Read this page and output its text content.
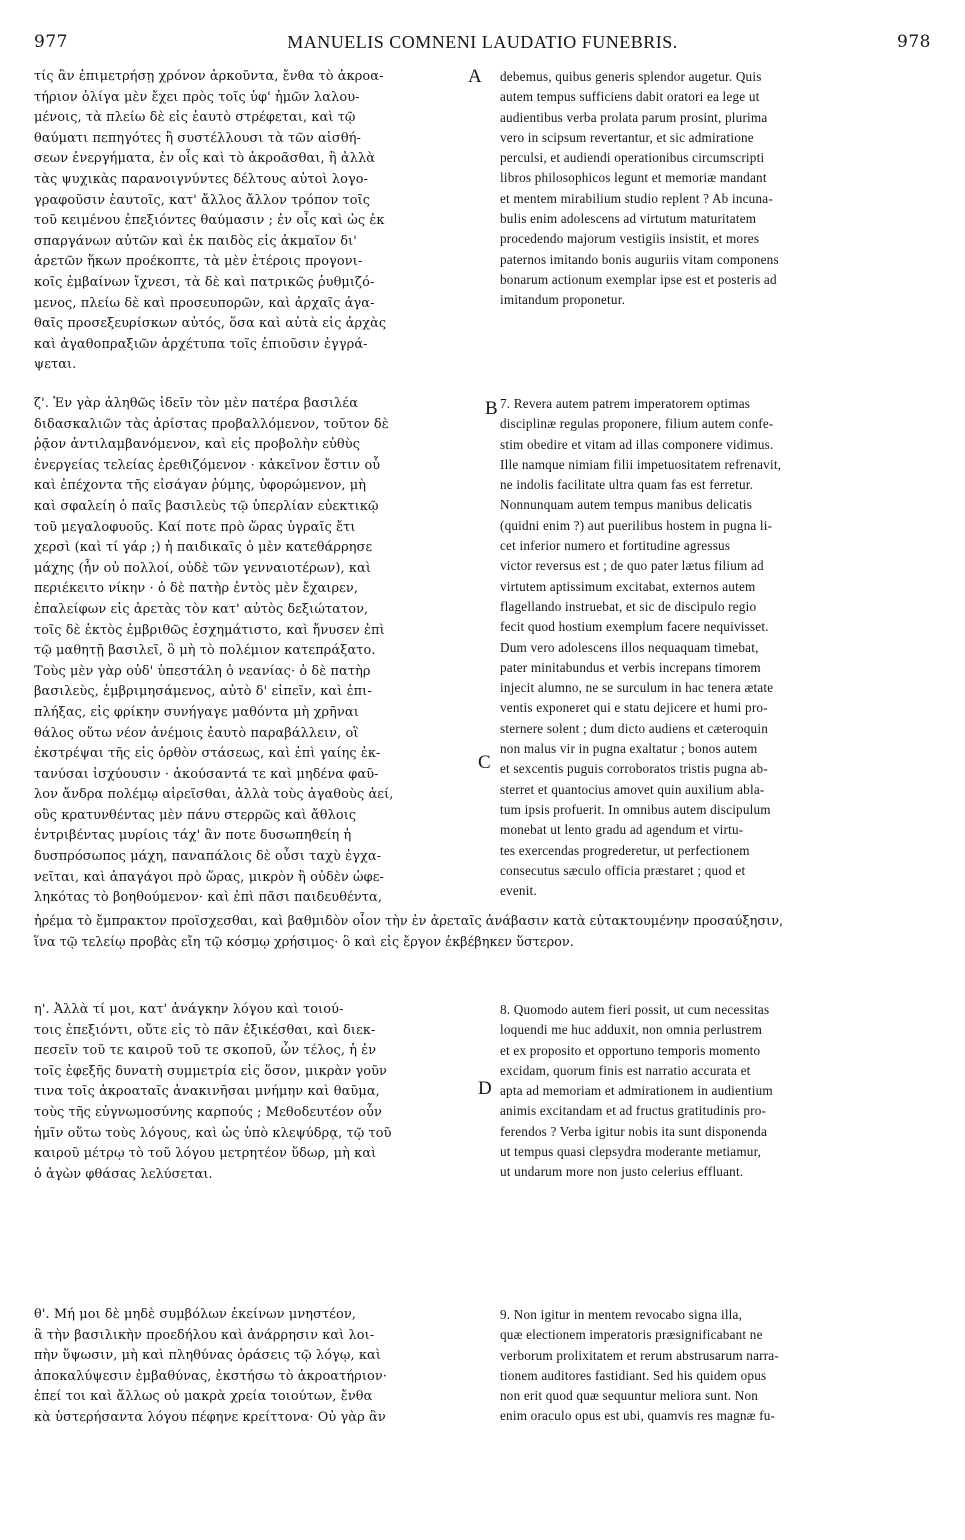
977	MANUELIS COMNENI LAUDATIO FUNEBRIS.	978
τίς ἂν ἐπιμετρήσῃ χρόνον ἀρκοῦντα, ἔνθα τὸ ἀκροα-
τήριον ὀλίγα μὲν ἔχει πρὸς τοῖς ὑφ' ἡμῶν λαλου-
μένοις, τὰ πλείω δὲ εἰς ἑαυτὸ στρέφεται, καὶ τῷ
θαύματι πεπηγότες ἢ συστέλλουσι τὰ τῶν αἰσθή-
σεων ἐνεργήματα, ἐν οἷς καὶ τὸ ἀκροᾶσθαι, ἢ ἀλλὰ
τὰς ψυχικὰς παρανοιγνύντες δέλτους αὐτοὶ λογο-
γραφοῦσιν ἑαυτοῖς, κατ' ἄλλος ἄλλον τρόπον τοῖς
τοῦ κειμένου ἐπεξιόντες θαύμασιν ; ἐν οἷς καὶ ὡς ἐκ
σπαργάνων αὐτῶν καὶ ἐκ παιδὸς εἰς ἀκμαῖον δι'
ἀρετῶν ἥκων προέκοπτε, τὰ μὲν ἑτέροις προγονι-
κοῖς ἐμβαίνων ἴχνεσι, τὰ δὲ καὶ πατρικῶς ῥυθμιζό-
μενος, πλείω δὲ καὶ προσευπορῶν, καὶ ἀρχαῖς ἀγα-
θαῖς προσεξευρίσκων αὐτός, ὅσα καὶ αὐτὰ εἰς ἀρχὰς
καὶ ἀγαθοπραξιῶν ἀρχέτυπα τοῖς ἐπιοῦσιν ἐγγρά-
ψεται.
debemus, quibus generis splendor augetur. Quis
autem tempus sufficiens dabit oratori ea lege ut
audientibus verba prolata parum prosint, plurima
vero in scipsum revertantur, et sic admiratione
perculsi, et audiendi operationibus circumscripti
libros philosophicos legunt et memoriæ mandant
et mentem mirabilium studio replent ? Ab incuna-
bulis enim adolescens ad virtutum maturitatem
procedendo majorum vestigiis insistit, et mores
paternos imitando bonis auguriis vitam componens
bonarum actionum exemplar ipse est et posteris ad
imitandum proponetur.
A
ζ'. Ἐν γὰρ ἀληθῶς ἰδεῖν τὸν μὲν πατέρα βασιλέα
διδασκαλιῶν τὰς ἀρίστας προβαλλόμενον, τοῦτον δὲ
ῥᾷον ἀντιλαμβανόμενον, καὶ εἰς προβολὴν εὐθὺς
ἐνεργείας τελείας ἐρεθιζόμενον · κἀκεῖνον ἔστιν οὗ
καὶ ἐπέχοντα τῆς εἰσάγαν ῥύμης, ὑφορώμενον, μὴ
καὶ σφαλείη ὁ παῖς βασιλεὺς τῷ ὑπερλίαν εὐεκτικῷ
τοῦ μεγαλοφυοῦς. Καί ποτε πρὸ ὥρας ὑγραῖς ἔτι
χερσὶ (καὶ τί γάρ ;) ἡ παιδικαῖς ὁ μὲν κατεθάρρησε
μάχης (ἦν οὐ πολλοί, οὐδὲ τῶν γενναιοτέρων), καὶ
περιέκειτο νίκην · ὁ δὲ πατὴρ ἐντὸς μὲν ἔχαιρεν,
ἐπαλείφων εἰς ἀρετὰς τὸν κατ' αὐτὸς δεξιώτατον,
τοῖς δὲ ἐκτὸς ἐμβριθῶς ἐσχημάτιστο, καὶ ἤνυσεν ἐπὶ
τῷ μαθητῇ βασιλεῖ, ὃ μὴ τὸ πολέμιον κατεπράξατο.
Τοὺς μὲν γὰρ οὐδ' ὑπεστάλη ὁ νεανίας· ὁ δὲ πατὴρ
βασιλεὺς, ἐμβριμησάμενος, αὐτὸ δ' εἰπεῖν, καὶ ἐπι-
πλήξας, εἰς φρίκην συνήγαγε μαθόντα μὴ χρῆναι
θάλος οὕτω νέον ἀνέμοις ἑαυτὸ παραβάλλειν, οἳ
ἐκστρέψαι τῆς εἰς ὀρθὸν στάσεως, καὶ ἐπὶ γαίης ἐκ-
τανύσαι ἰσχύουσιν · ἀκούσαντά τε καὶ μηδένα φαῦ-
λον ἄνδρα πολέμῳ αἱρεῖσθαι, ἀλλὰ τοὺς ἀγαθοὺς ἀεί,
οὓς κρατυνθέντας μὲν πάνυ στερρῶς καὶ ἄθλοις
ἐντριβέντας μυρίοις τάχ' ἂν ποτε δυσωπηθείη ἡ
δυσπρόσωπος μάχη, παναπάλοις δὲ οὖσι ταχὺ ἐγχα-
νεῖται, καὶ ἀπαγάγοι πρὸ ὥρας, μικρὸν ἢ οὐδὲν ὠφε-
ληκότας τὸ βοηθούμενον· καὶ ἐπὶ πᾶσι παιδευθέντα,
7. Revera autem patrem imperatorem optimas
disciplinæ regulas proponere, filium autem confe-
stim obedire et vitam ad illas componere vidimus.
Ille namque nimiam filii impetuositatem refrenavit,
ne indolis facilitate ultra quam fas est ferretur.
Nonnunquam autem tempus manibus delicatis
(quidni enim ?) aut puerilibus hostem in pugna li-
cet inferior numero et fortitudine agressus
victor reversus est ; de quo pater lætus filium ad
virtutem aptissimum excitabat, externos autem
flagellando instruebat, et sic de discipulo regio
fecit quod hostium exemplum facere nequivisset.
Dum vero adolescens illos nequaquam timebat,
pater minitabundus et verbis increpans timorem
injecit alumno, ne se surculum in hac tenera ætate
ventis exponeret qui e statu dejicere et humi pro-
sternere solent ; dum dicto audiens et cæteroquin
non malus vir in pugna exaltatur ; bonos autem
et sexcentis puguis corroboratos tristis pugna ab-
sterret et quantocius amovet quin auxilium abla-
tum ipsis profuerit. In omnibus autem discipulum
monebat ut lento gradu ad agendum et virtu-
tes exercendas progrederetur, ut perfectionem
consecutus sæculo officia præstaret ; quod et
evenit.
B
C
ἠρέμα τὸ ἔμπρακτον προϊσχεσθαι, καὶ βαθμιδὸν οἷον τὴν ἐν ἀρεταῖς ἀνάβασιν κατὰ εὐτακτουμένην προσαύξησιν,
ἵνα τῷ τελείῳ προβὰς εἴη τῷ κόσμῳ χρήσιμος· ὃ καὶ εἰς ἔργον ἐκβέβηκεν ὕστερον.
η'. Ἀλλὰ τί μοι, κατ' ἀνάγκην λόγου καὶ τοιού-
τοις ἐπεξιόντι, οὔτε εἰς τὸ πᾶν ἐξικέσθαι, καὶ διεκ-
πεσεῖν τοῦ τε καιροῦ τοῦ τε σκοποῦ, ὧν τέλος, ἡ ἐν
τοῖς ἐφεξῆς δυνατὴ συμμετρία εἰς ὅσον, μικρὰν γοῦν
τινα τοῖς ἀκροαταῖς ἀνακινῆσαι μνήμην καὶ θαῦμα,
τοὺς τῆς εὐγνωμοσύνης καρπούς ; Μεθοδευτέον οὖν
ἡμῖν οὕτω τοὺς λόγους, καὶ ὡς ὑπὸ κλεψύδρᾳ, τῷ τοῦ
καιροῦ μέτρῳ τὸ τοῦ λόγου μετρητέον ὕδωρ, μὴ καὶ
ὁ ἀγὼν φθάσας λελύσεται.
8. Quomodo autem fieri possit, ut cum necessitas
loquendi me huc adduxit, non omnia perlustrem
et ex proposito et opportuno temporis momento
excidam, quorum finis est narratio accurata et
apta ad memoriam et admirationem in audientium
animis excitandam et ad fructus gratitudinis pro-
ferendos ? Verba igitur nobis ita sunt disponenda
ut tempus quasi clepsydra moderante metiamur,
ut undarum more non justo celerius effluant.
D
θ'. Μή μοι δὲ μηδὲ συμβόλων ἐκείνων μνηστέον,
ἃ τὴν βασιλικὴν προεδήλου καὶ ἀνάρρησιν καὶ λοι-
πὴν ὕψωσιν, μὴ καὶ πληθύνας ὁράσεις τῷ λόγῳ, καὶ
ἀποκαλύψεσιν ἐμβαθύνας, ἐκστήσω τὸ ἀκροατήριον·
ἐπεί τοι καὶ ἄλλως οὐ μακρὰ χρεία τοιούτων, ἔνθα
κὰ ὑστερήσαντα λόγου πέφηνε κρείττονα· Οὐ γὰρ ἂν
9. Non igitur in mentem revocabo signa illa,
quæ electionem imperatoris præsignificabant ne
verborum prolixitatem et rerum abstrusarum narra-
tionem auditores fastidiant. Sed his quidem opus
non erit quod quæ sequuntur meliora sunt. Non
enim oraculo opus est ubi, quamvis res magnæ fu-
